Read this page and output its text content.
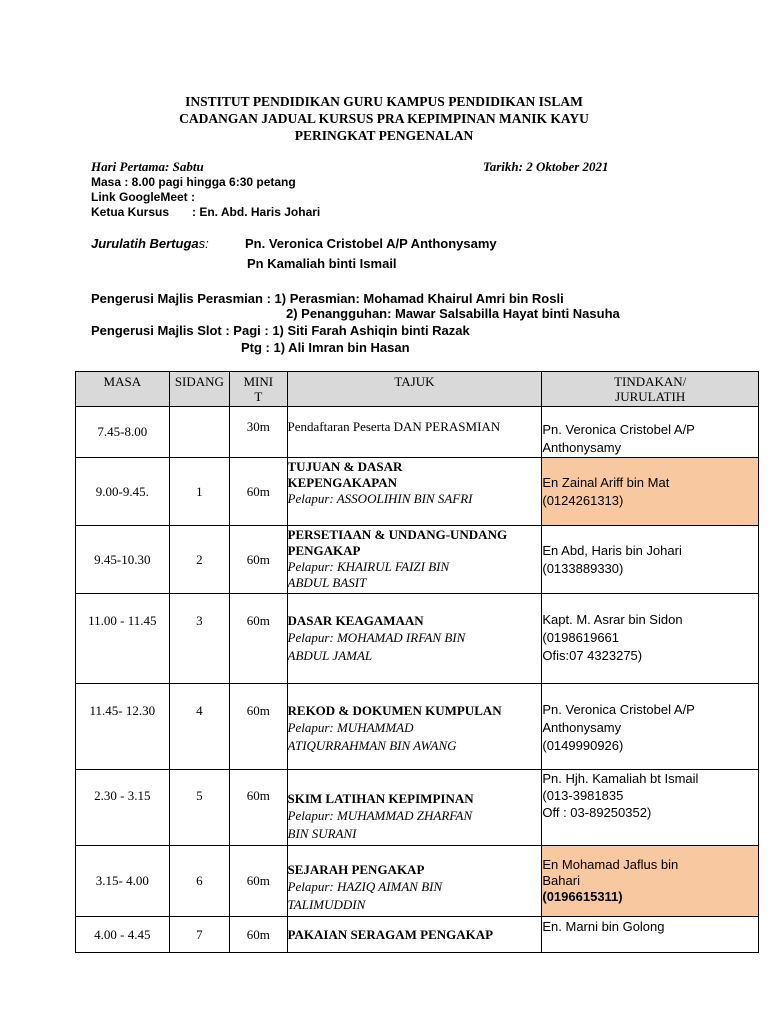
INSTITUT PENDIDIKAN GURU KAMPUS PENDIDIKAN ISLAM
CADANGAN JADUAL KURSUS PRA KEPIMPINAN MANIK KAYU
PERINGKAT PENGENALAN
Hari Pertama: Sabtu	Tarikh: 2 Oktober 2021
Masa : 8.00 pagi hingga 6:30 petang
Link GoogleMeet :
Ketua Kursus : En. Abd. Haris Johari
Jurulatih Bertugas:	Pn. Veronica Cristobel A/P Anthonysamy
Pn Kamaliah binti Ismail
Pengerusi Majlis Perasmian : 1) Perasmian: Mohamad Khairul Amri bin Rosli
2) Penangguhan: Mawar Salsabilla Hayat binti Nasuha
Pengerusi Majlis Slot : Pagi : 1) Siti Farah Ashiqin binti Razak
Ptg : 1) Ali Imran bin Hasan
MASA	SIDANG	MINI
T	TAJUK	TINDAKAN/
JURULATIH
7.45-8.00		30m	Pendaftaran Peserta DAN PERASMIAN	Pn. Veronica Cristobel A/P
Anthonysamy

9.00-9.45.	1	60m	TUJUAN & DASAR
KEPENGAKAPAN
Pelapur: ASSOOLIHIN BIN SAFRI	En Zainal Ariff bin Mat
(0124261313)

9.45-10.30	2	60m	PERSETIAAN & UNDANG-UNDANG
PENGAKAP
Pelapur: KHAIRUL FAIZI BIN
ABDUL BASIT	En Abd, Haris bin Johari
(0133889330)

11.00 - 11.45	3	60m	DASAR KEAGAMAAN
Pelapur: MOHAMAD IRFAN BIN
ABDUL JAMAL	Kapt. M. Asrar bin Sidon
(0198619661
Ofis:07 4323275)

11.45- 12.30	4	60m	REKOD & DOKUMEN KUMPULAN
Pelapur: MUHAMMAD
ATIQURRAHMAN BIN AWANG	Pn. Veronica Cristobel A/P
Anthonysamy
(0149990926)

2.30 - 3.15	5	60m	SKIM LATIHAN KEPIMPINAN
Pelapur: MUHAMMAD ZHARFAN
BIN SURANI	Pn. Hjh. Kamaliah bt Ismail
(013-3981835
Off : 03-89250352)

3.15- 4.00	6	60m	SEJARAH PENGAKAP
Pelapur: HAZIQ AIMAN BIN
TALIMUDDIN	En Mohamad Jaflus bin
Bahari
(0196615311)

4.00 - 4.45	7	60m	PAKAIAN SERAGAM PENGAKAP	En. Marni bin Golong
